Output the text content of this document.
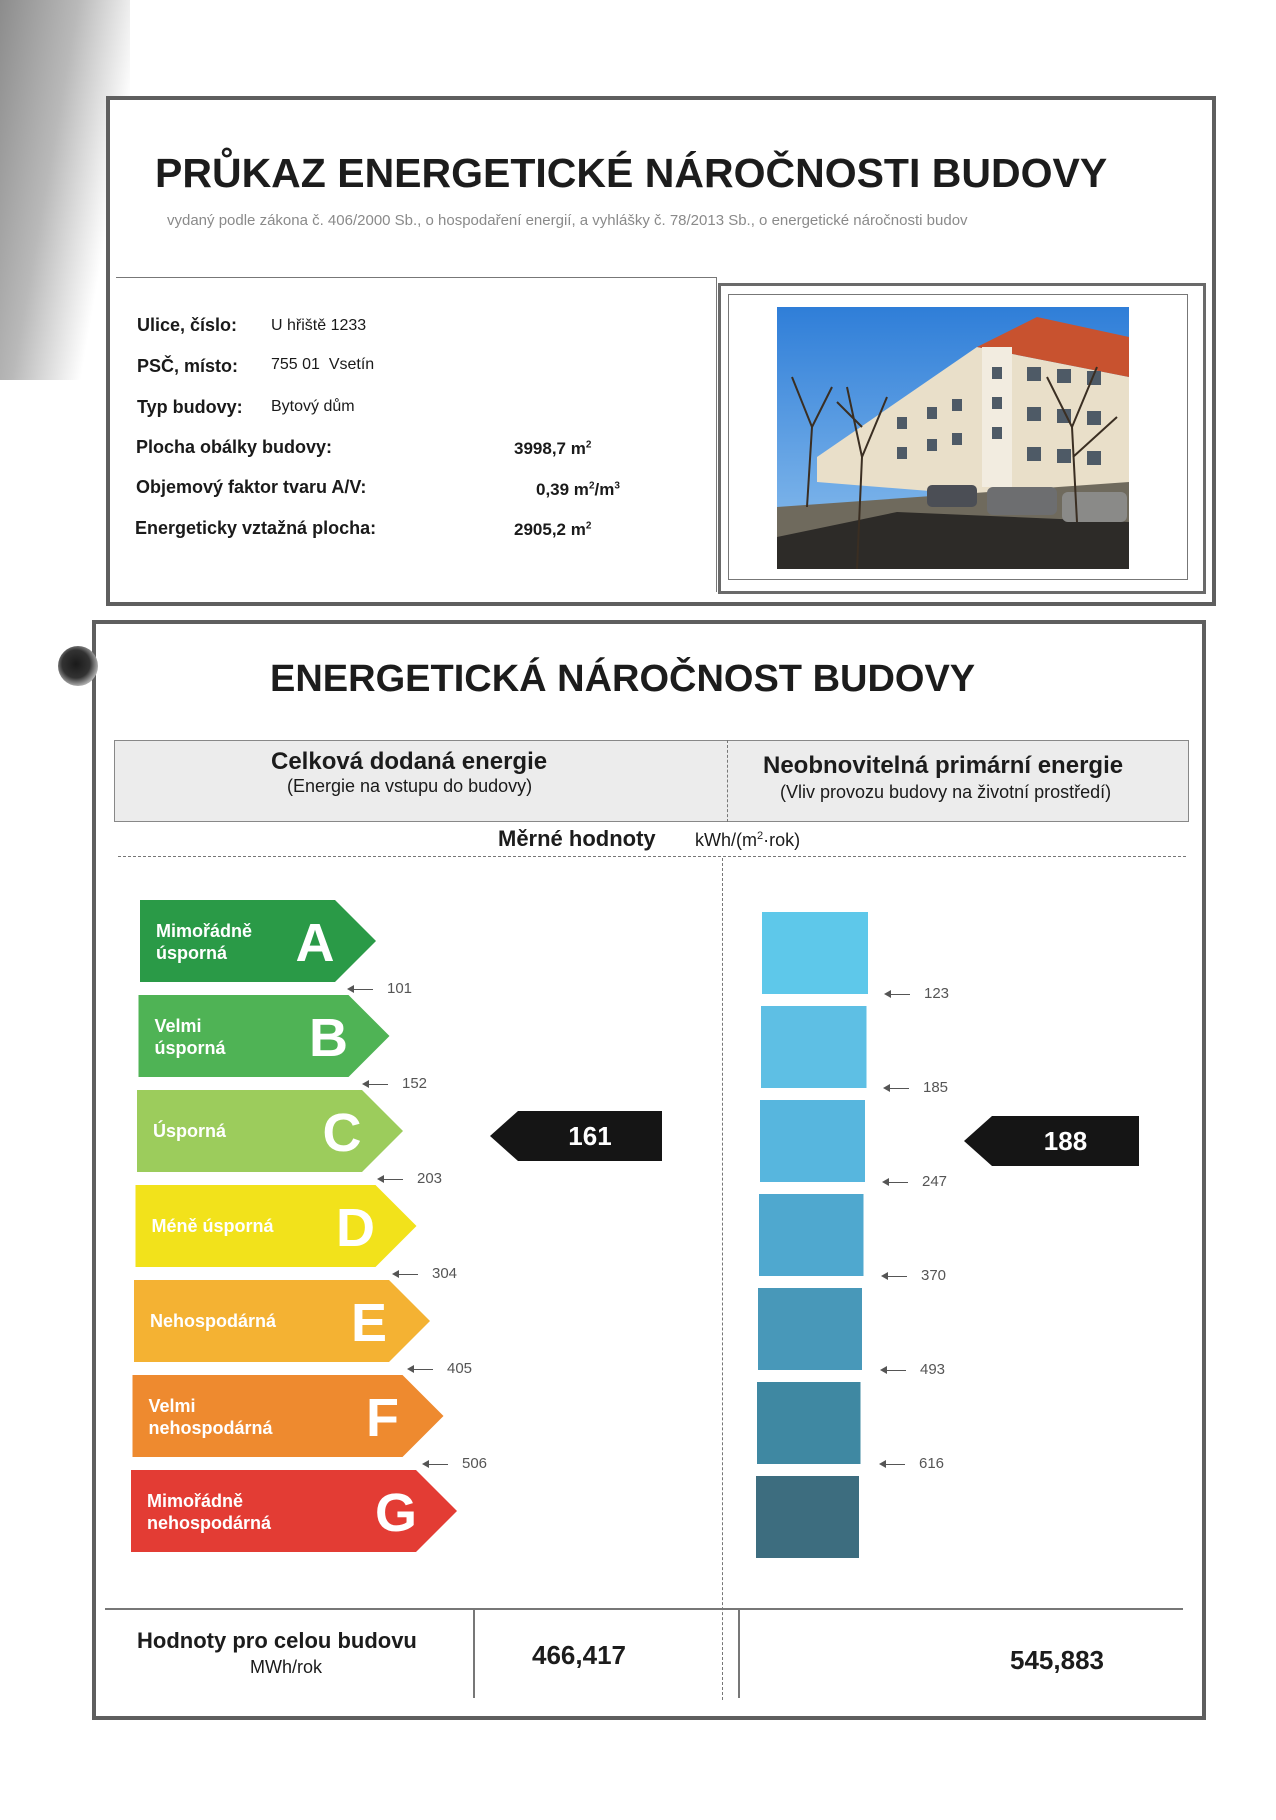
PRŮKAZ ENERGETICKÉ NÁROČNOSTI BUDOVY
vydaný podle zákona č. 406/2000 Sb., o hospodaření energií, a vyhlášky č. 78/2013 Sb., o energetické náročnosti budov
Ulice, číslo: U hřiště 1233
PSČ, místo: 755 01  Vsetín
Typ budovy: Bytový dům
Plocha obálky budovy:	3998,7 $m^2$
Objemový faktor tvaru A/V:	0,39 $m^2/m^3$
Energeticky vztažná plocha:	2905,2 $m^2$
ENERGETICKÁ NÁROČNOST BUDOVY
Celková dodaná energie
(Energie na vstupu do budovy)
Neobnovitelná primární energie
(Vliv provozu budovy na životní prostředí)
Měrné hodnoty kWh/$(m^2\cdot rok)$
A
Mimořádně
úsporná
B
Velmi
úsporná
C
Úsporná
D
Méně úsporná
E
Nehospodárná
F
Velmi
nehospodárná
G
Mimořádně
nehospodárná
101
152
203
304
405
506
123
185
247
370
493
616
161	188
Hodnoty pro celou budovu
MWh/rok	466,417	545,883
